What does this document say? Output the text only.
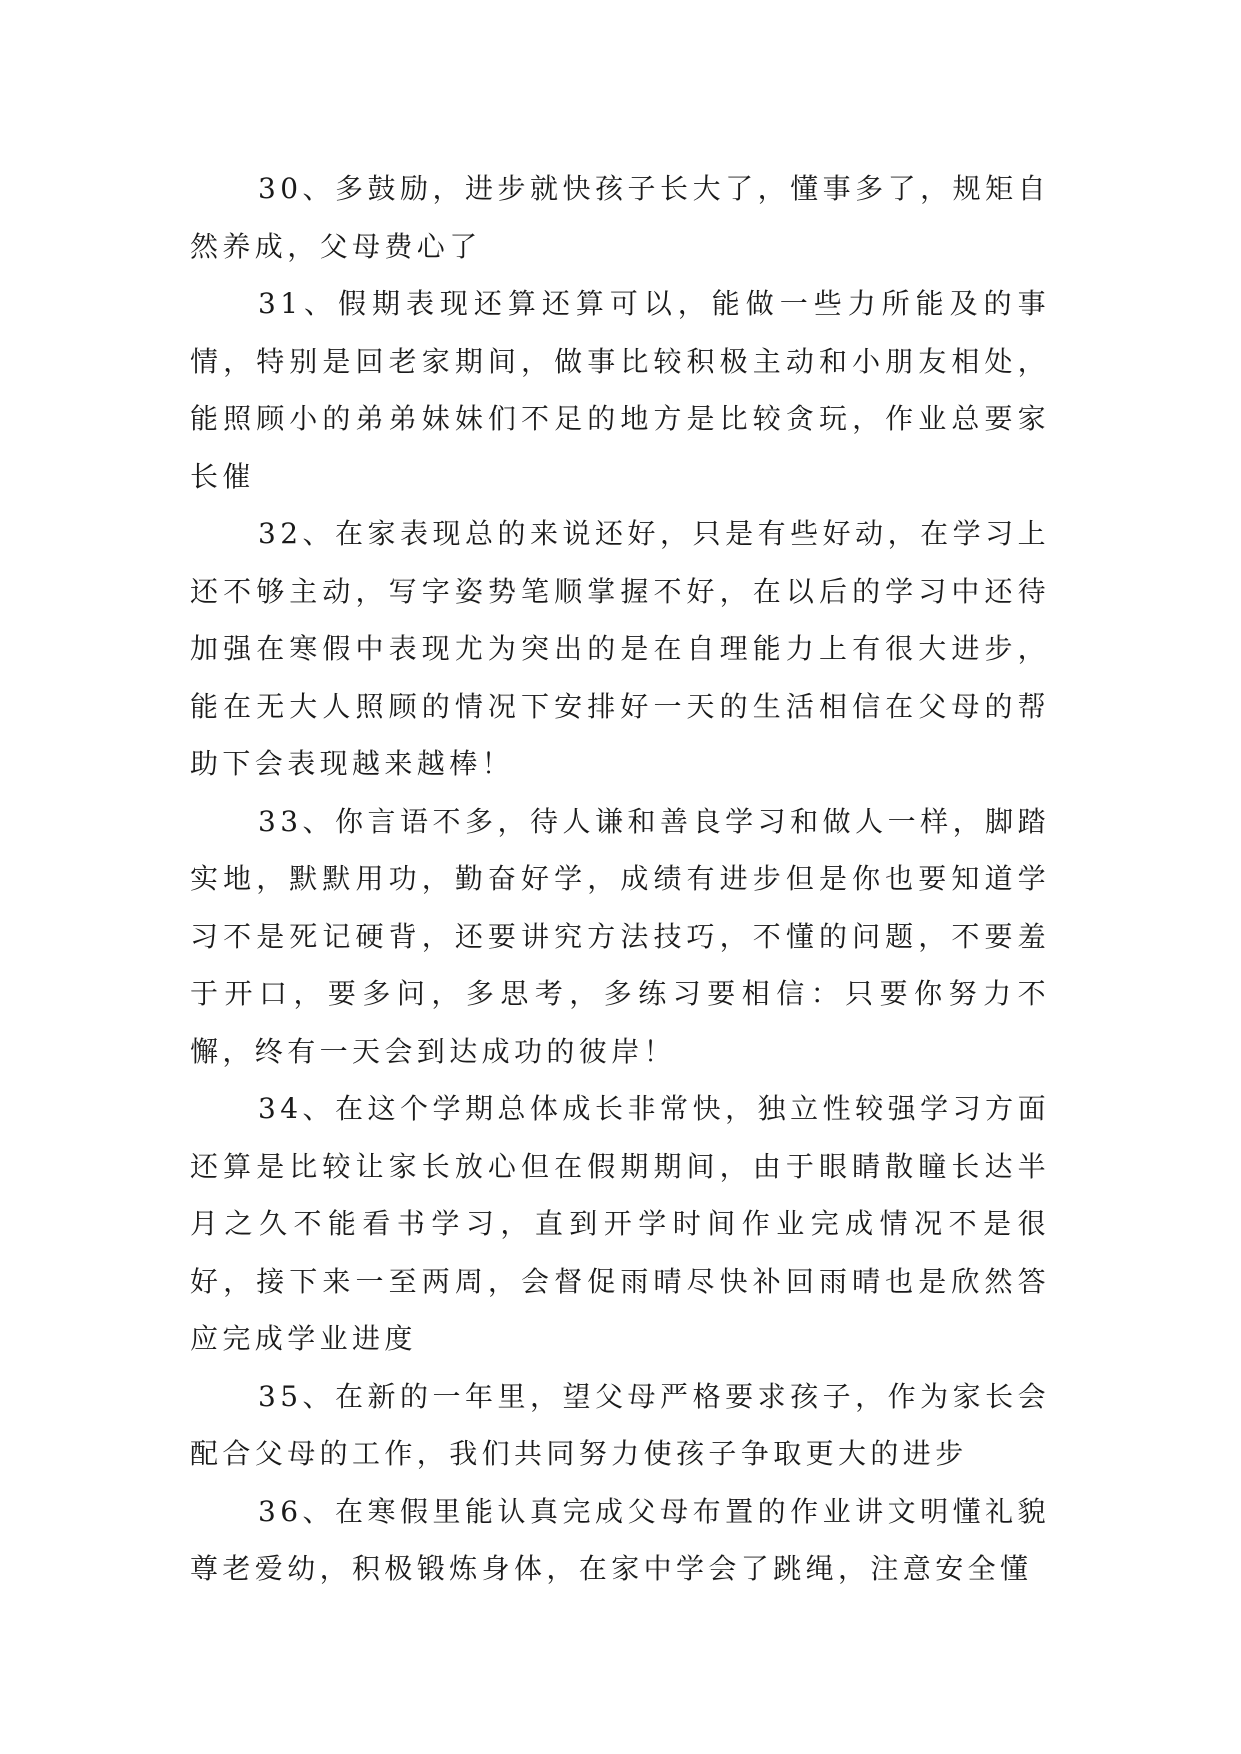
30、多鼓励，进步就快孩子长大了，懂事多了，规矩自然养成，父母费心了

31、假期表现还算还算可以，能做一些力所能及的事情，特别是回老家期间，做事比较积极主动和小朋友相处，能照顾小的弟弟妹妹们不足的地方是比较贪玩，作业总要家长催

32、在家表现总的来说还好，只是有些好动，在学习上还不够主动，写字姿势笔顺掌握不好，在以后的学习中还待加强在寒假中表现尤为突出的是在自理能力上有很大进步，能在无大人照顾的情况下安排好一天的生活相信在父母的帮助下会表现越来越棒！

33、你言语不多，待人谦和善良学习和做人一样，脚踏实地，默默用功，勤奋好学，成绩有进步但是你也要知道学习不是死记硬背，还要讲究方法技巧，不懂的问题，不要羞于开口，要多问，多思考，多练习要相信：只要你努力不懈，终有一天会到达成功的彼岸！

34、在这个学期总体成长非常快，独立性较强学习方面还算是比较让家长放心但在假期期间，由于眼睛散瞳长达半月之久不能看书学习，直到开学时间作业完成情况不是很好，接下来一至两周，会督促雨晴尽快补回雨晴也是欣然答应完成学业进度

35、在新的一年里，望父母严格要求孩子，作为家长会配合父母的工作，我们共同努力使孩子争取更大的进步

36、在寒假里能认真完成父母布置的作业讲文明懂礼貌尊老爱幼，积极锻炼身体，在家中学会了跳绳，注意安全懂
